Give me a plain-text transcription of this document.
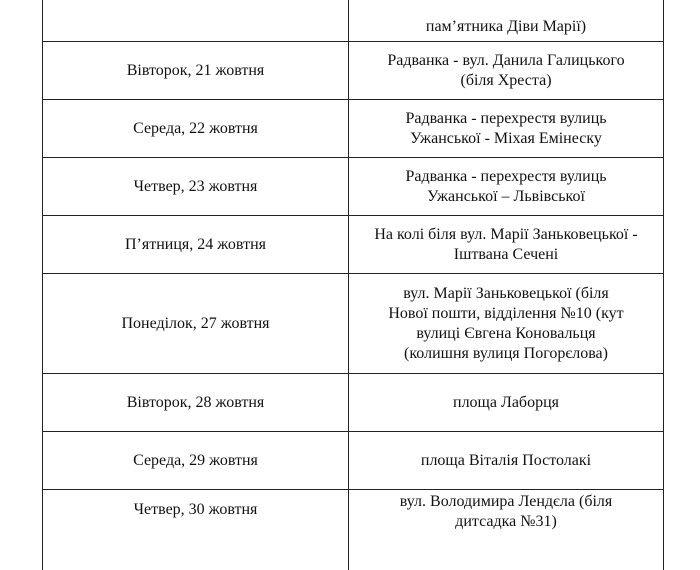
	пам’ятника Діви Марії)

Вівторок, 21 жовтня	Радванка - вул. Данила Галицького
(біля Хреста)

Середа, 22 жовтня	Радванка - перехрестя вулиць
Ужанської - Міхая Емінеску

Четвер, 23 жовтня	Радванка - перехрестя вулиць
Ужанської – Львівської

П’ятниця, 24 жовтня	На колі біля вул. Марії Заньковецької -
Іштвана Сечені

Понеділок, 27 жовтня	вул. Марії Заньковецької (біля
Нової пошти, відділення №10 (кут
вулиці Євгена Коновальця
(колишня вулиця Погорєлова)

Вівторок, 28 жовтня	площа Лаборця

Середа, 29 жовтня	площа Віталія Постолакі

Четвер, 30 жовтня	вул. Володимира Лендєла (біля
дитсадка №31)
